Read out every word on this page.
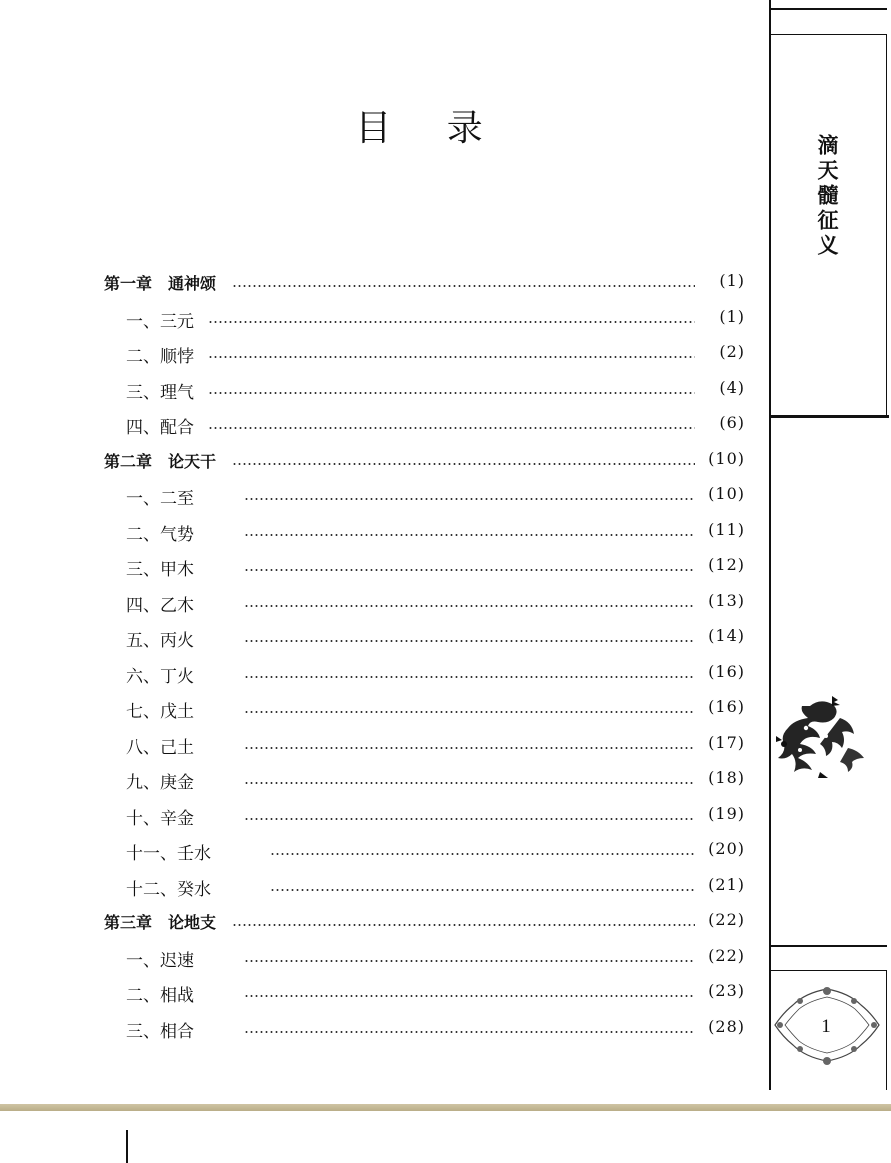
目 录
滴天髓征义
1
第一章　通神颂	(1)
一、三元	(1)
二、顺悖	(2)
三、理气	(4)
四、配合	(6)
第二章　论天干	(10)
一、二至	(10)
二、气势	(11)
三、甲木	(12)
四、乙木	(13)
五、丙火	(14)
六、丁火	(16)
七、戊土	(16)
八、己土	(17)
九、庚金	(18)
十、辛金	(19)
十一、壬水	(20)
十二、癸水	(21)
第三章　论地支	(22)
一、迟速	(22)
二、相战	(23)
三、相合	(28)
